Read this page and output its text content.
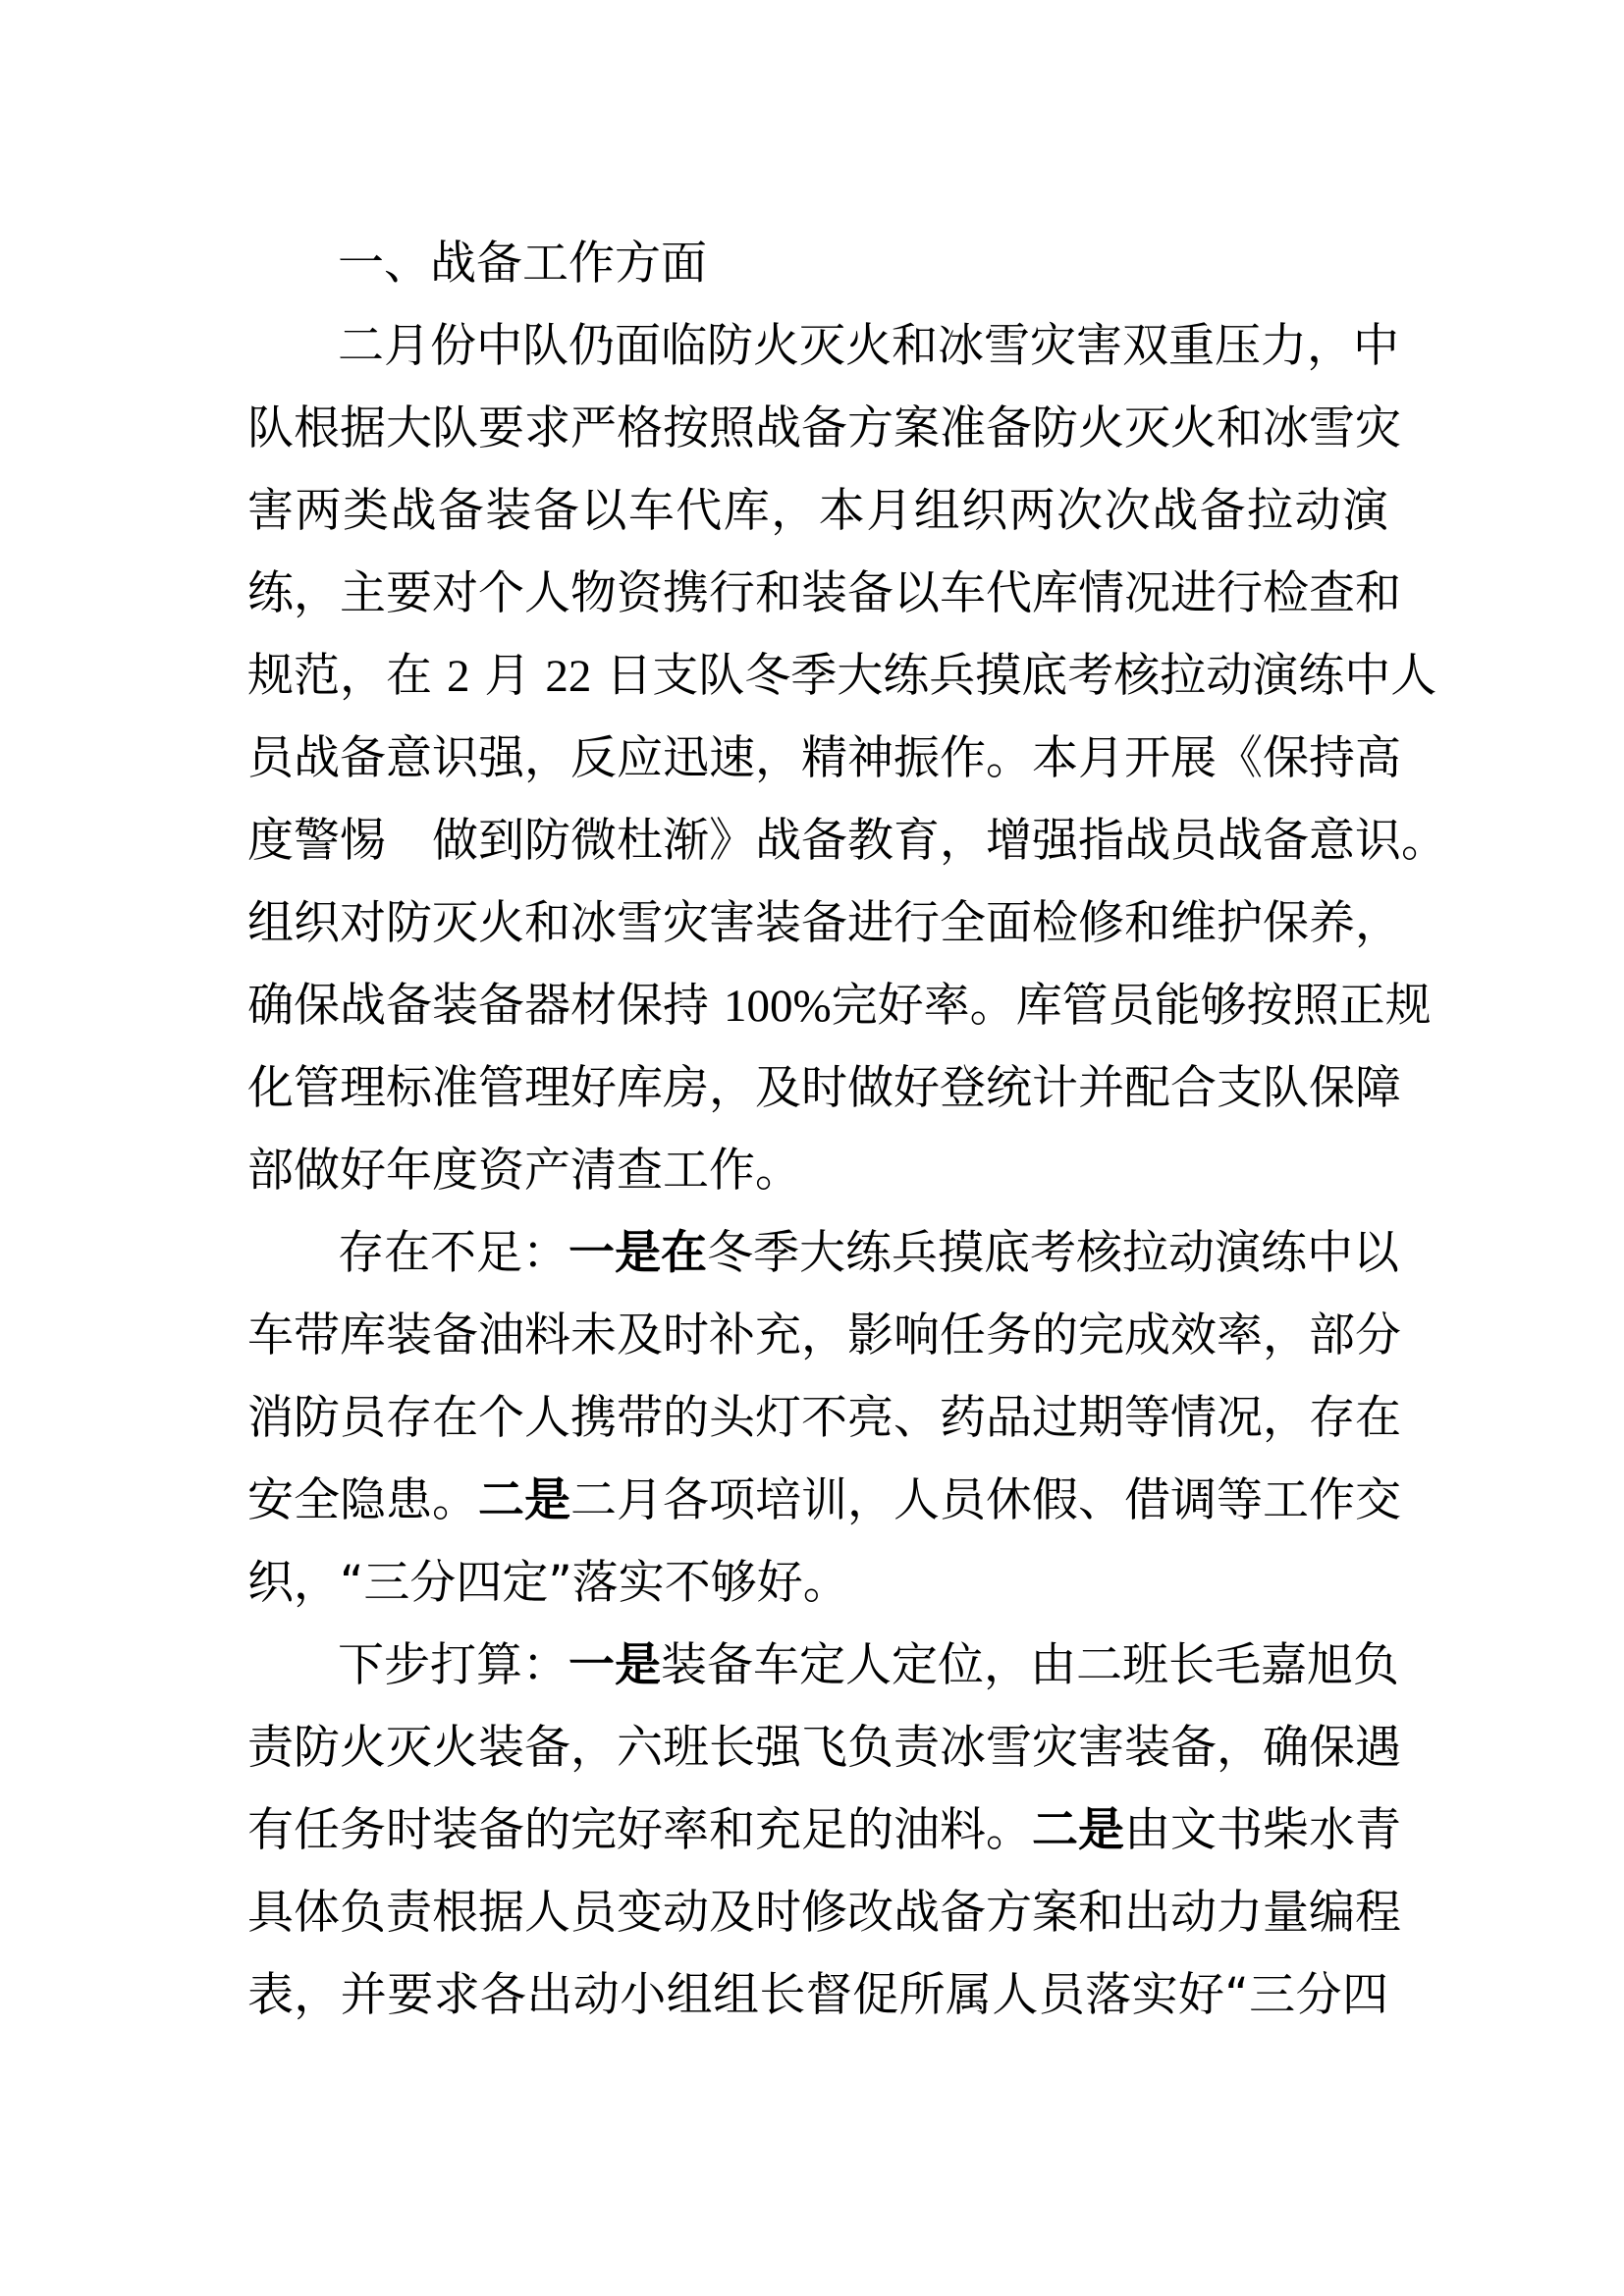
一、战备工作方面
二月份中队仍面临防火灭火和冰雪灾害双重压力，中
队根据大队要求严格按照战备方案准备防火灭火和冰雪灾
害两类战备装备以车代库，本月组织两次次战备拉动演
练，主要对个人物资携行和装备以车代库情况进行检查和
规范，在 2 月 22 日支队冬季大练兵摸底考核拉动演练中人
员战备意识强，反应迅速，精神振作。本月开展《保持高
度警惕　做到防微杜渐》战备教育，增强指战员战备意识。
组织对防灭火和冰雪灾害装备进行全面检修和维护保养，
确保战备装备器材保持 100%完好率。库管员能够按照正规
化管理标准管理好库房，及时做好登统计并配合支队保障
部做好年度资产清查工作。
存在不足：一是在冬季大练兵摸底考核拉动演练中以
车带库装备油料未及时补充，影响任务的完成效率，部分
消防员存在个人携带的头灯不亮、药品过期等情况，存在
安全隐患。二是二月各项培训，人员休假、借调等工作交
织，“三分四定”落实不够好。
下步打算：一是装备车定人定位，由二班长毛嘉旭负
责防火灭火装备，六班长强飞负责冰雪灾害装备，确保遇
有任务时装备的完好率和充足的油料。二是由文书柴水青
具体负责根据人员变动及时修改战备方案和出动力量编程
表，并要求各出动小组组长督促所属人员落实好“三分四
